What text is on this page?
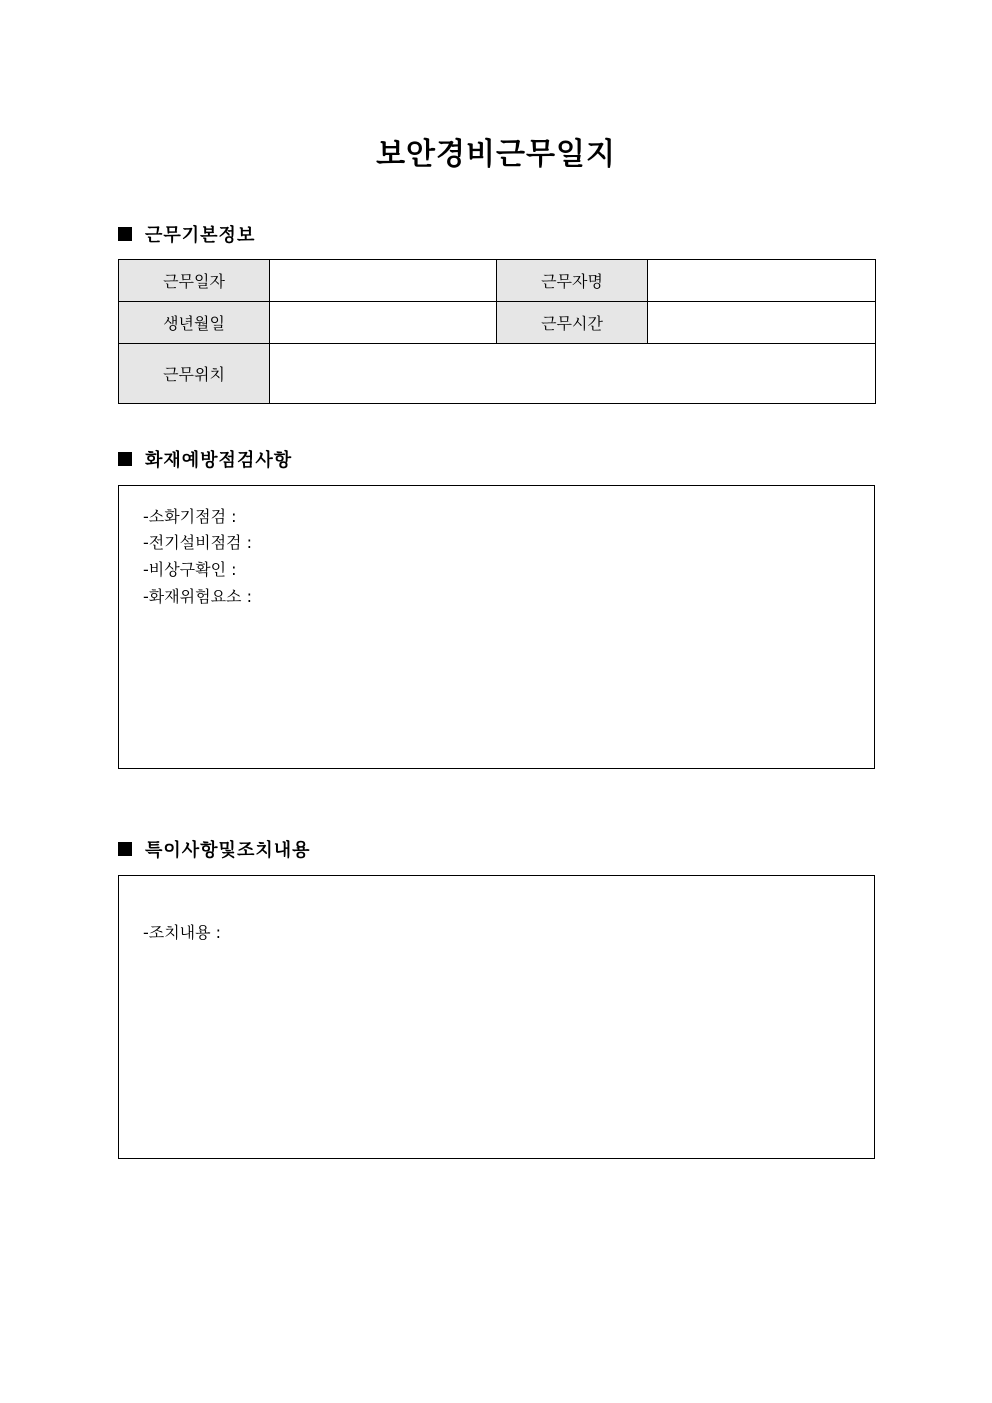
보안경비근무일지
근무기본정보
근무일자		근무자명	
생년월일		근무시간	
근무위치			
화재예방점검사항
-소화기점검 :
-전기설비점검 :
-비상구확인 :
-화재위험요소 :
특이사항및조치내용
-조치내용 :
